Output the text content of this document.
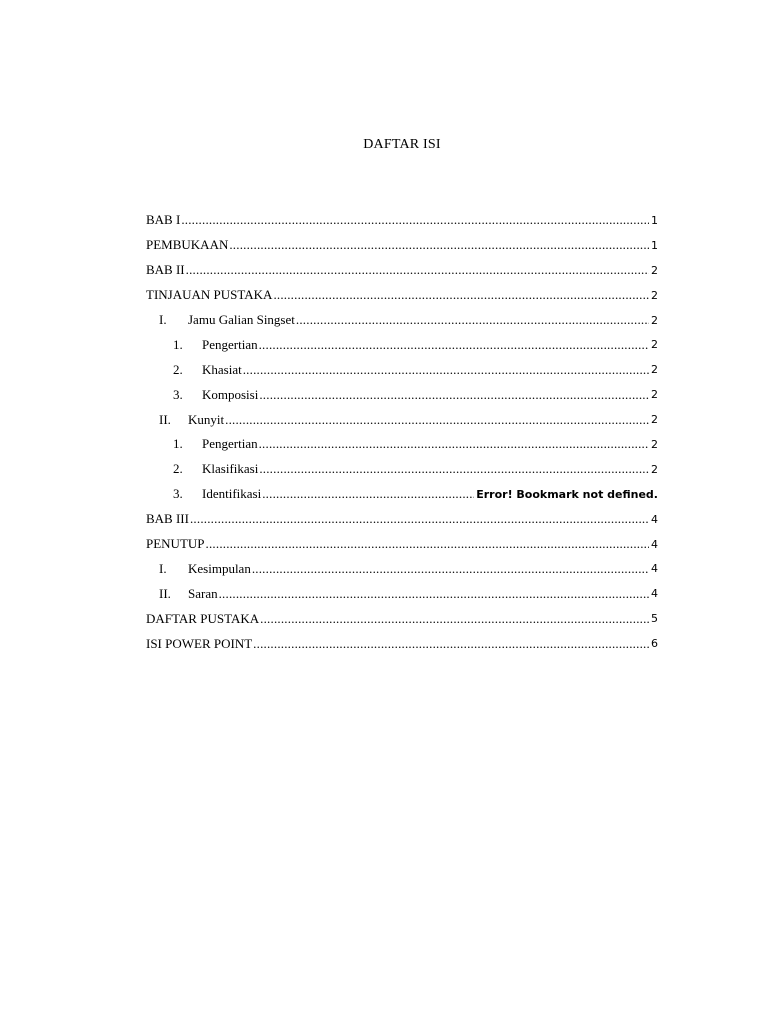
DAFTAR ISI
BAB I .....	1
PEMBUKAAN .....	1
BAB II .....	2
TINJAUAN PUSTAKA .....	2
I.	Jamu Galian Singset .....	2
1.	Pengertian .....	2
2.	Khasiat .....	2
3.	Komposisi .....	2
II.	Kunyit .....	2
1.	Pengertian .....	2
2.	Klasifikasi .....	2
3.	Identifikasi .....	Error! Bookmark not defined.
BAB III .....	4
PENUTUP .....	4
I.	Kesimpulan .....	4
II.	Saran .....	4
DAFTAR PUSTAKA .....	5
ISI POWER POINT .....	6
